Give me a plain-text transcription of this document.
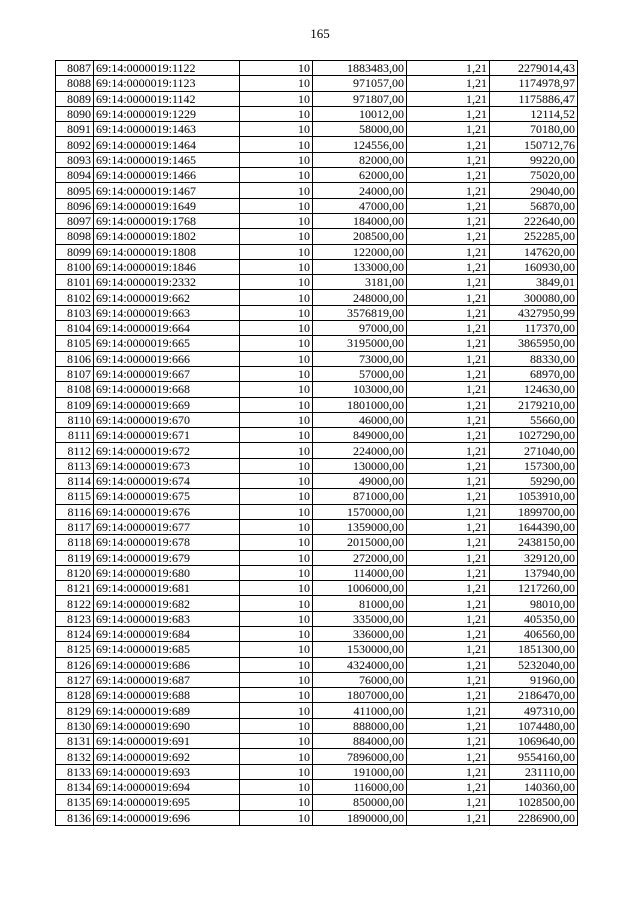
165
8087	69:14:0000019:1122	10	1883483,00	1,21	2279014,43
8088	69:14:0000019:1123	10	971057,00	1,21	1174978,97
8089	69:14:0000019:1142	10	971807,00	1,21	1175886,47
8090	69:14:0000019:1229	10	10012,00	1,21	12114,52
8091	69:14:0000019:1463	10	58000,00	1,21	70180,00
8092	69:14:0000019:1464	10	124556,00	1,21	150712,76
8093	69:14:0000019:1465	10	82000,00	1,21	99220,00
8094	69:14:0000019:1466	10	62000,00	1,21	75020,00
8095	69:14:0000019:1467	10	24000,00	1,21	29040,00
8096	69:14:0000019:1649	10	47000,00	1,21	56870,00
8097	69:14:0000019:1768	10	184000,00	1,21	222640,00
8098	69:14:0000019:1802	10	208500,00	1,21	252285,00
8099	69:14:0000019:1808	10	122000,00	1,21	147620,00
8100	69:14:0000019:1846	10	133000,00	1,21	160930,00
8101	69:14:0000019:2332	10	3181,00	1,21	3849,01
8102	69:14:0000019:662	10	248000,00	1,21	300080,00
8103	69:14:0000019:663	10	3576819,00	1,21	4327950,99
8104	69:14:0000019:664	10	97000,00	1,21	117370,00
8105	69:14:0000019:665	10	3195000,00	1,21	3865950,00
8106	69:14:0000019:666	10	73000,00	1,21	88330,00
8107	69:14:0000019:667	10	57000,00	1,21	68970,00
8108	69:14:0000019:668	10	103000,00	1,21	124630,00
8109	69:14:0000019:669	10	1801000,00	1,21	2179210,00
8110	69:14:0000019:670	10	46000,00	1,21	55660,00
8111	69:14:0000019:671	10	849000,00	1,21	1027290,00
8112	69:14:0000019:672	10	224000,00	1,21	271040,00
8113	69:14:0000019:673	10	130000,00	1,21	157300,00
8114	69:14:0000019:674	10	49000,00	1,21	59290,00
8115	69:14:0000019:675	10	871000,00	1,21	1053910,00
8116	69:14:0000019:676	10	1570000,00	1,21	1899700,00
8117	69:14:0000019:677	10	1359000,00	1,21	1644390,00
8118	69:14:0000019:678	10	2015000,00	1,21	2438150,00
8119	69:14:0000019:679	10	272000,00	1,21	329120,00
8120	69:14:0000019:680	10	114000,00	1,21	137940,00
8121	69:14:0000019:681	10	1006000,00	1,21	1217260,00
8122	69:14:0000019:682	10	81000,00	1,21	98010,00
8123	69:14:0000019:683	10	335000,00	1,21	405350,00
8124	69:14:0000019:684	10	336000,00	1,21	406560,00
8125	69:14:0000019:685	10	1530000,00	1,21	1851300,00
8126	69:14:0000019:686	10	4324000,00	1,21	5232040,00
8127	69:14:0000019:687	10	76000,00	1,21	91960,00
8128	69:14:0000019:688	10	1807000,00	1,21	2186470,00
8129	69:14:0000019:689	10	411000,00	1,21	497310,00
8130	69:14:0000019:690	10	888000,00	1,21	1074480,00
8131	69:14:0000019:691	10	884000,00	1,21	1069640,00
8132	69:14:0000019:692	10	7896000,00	1,21	9554160,00
8133	69:14:0000019:693	10	191000,00	1,21	231110,00
8134	69:14:0000019:694	10	116000,00	1,21	140360,00
8135	69:14:0000019:695	10	850000,00	1,21	1028500,00
8136	69:14:0000019:696	10	1890000,00	1,21	2286900,00
